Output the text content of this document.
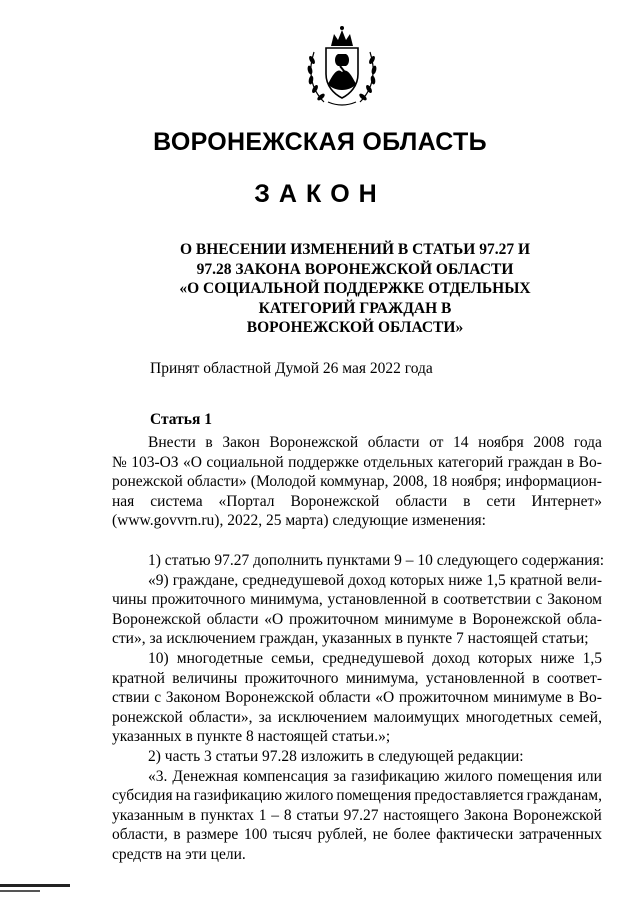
ВОРОНЕЖСКАЯ ОБЛАСТЬ
ЗАКОН
О ВНЕСЕНИИ ИЗМЕНЕНИЙ В СТАТЬИ 97.27 И
97.28 ЗАКОНА ВОРОНЕЖСКОЙ ОБЛАСТИ
«О СОЦИАЛЬНОЙ ПОДДЕРЖКЕ ОТДЕЛЬНЫХ
КАТЕГОРИЙ ГРАЖДАН В
ВОРОНЕЖСКОЙ ОБЛАСТИ»
Принят областной Думой 26 мая 2022 года
Статья 1
Внести в Закон Воронежской области от 14 ноября 2008 года
№ 103-ОЗ «О социальной поддержке отдельных категорий граждан в Во-
ронежской области» (Молодой коммунар, 2008, 18 ноября; информацион-
ная система «Портал Воронежской области в сети Интернет»
(www.govvrn.ru), 2022, 25 марта) следующие изменения:
1) статью 97.27 дополнить пунктами 9 – 10 следующего содержания:
«9) граждане, среднедушевой доход которых ниже 1,5 кратной вели-
чины прожиточного минимума, установленной в соответствии с Законом
Воронежской области «О прожиточном минимуме в Воронежской обла-
сти», за исключением граждан, указанных в пункте 7 настоящей статьи;
10) многодетные семьи, среднедушевой доход которых ниже 1,5
кратной величины прожиточного минимума, установленной в соответ-
ствии с Законом Воронежской области «О прожиточном минимуме в Во-
ронежской области», за исключением малоимущих многодетных семей,
указанных в пункте 8 настоящей статьи.»;
2) часть 3 статьи 97.28 изложить в следующей редакции:
«3. Денежная компенсация за газификацию жилого помещения или
субсидия на газификацию жилого помещения предоставляется гражданам,
указанным в пунктах 1 – 8 статьи 97.27 настоящего Закона Воронежской
области, в размере 100 тысяч рублей, не более фактически затраченных
средств на эти цели.
